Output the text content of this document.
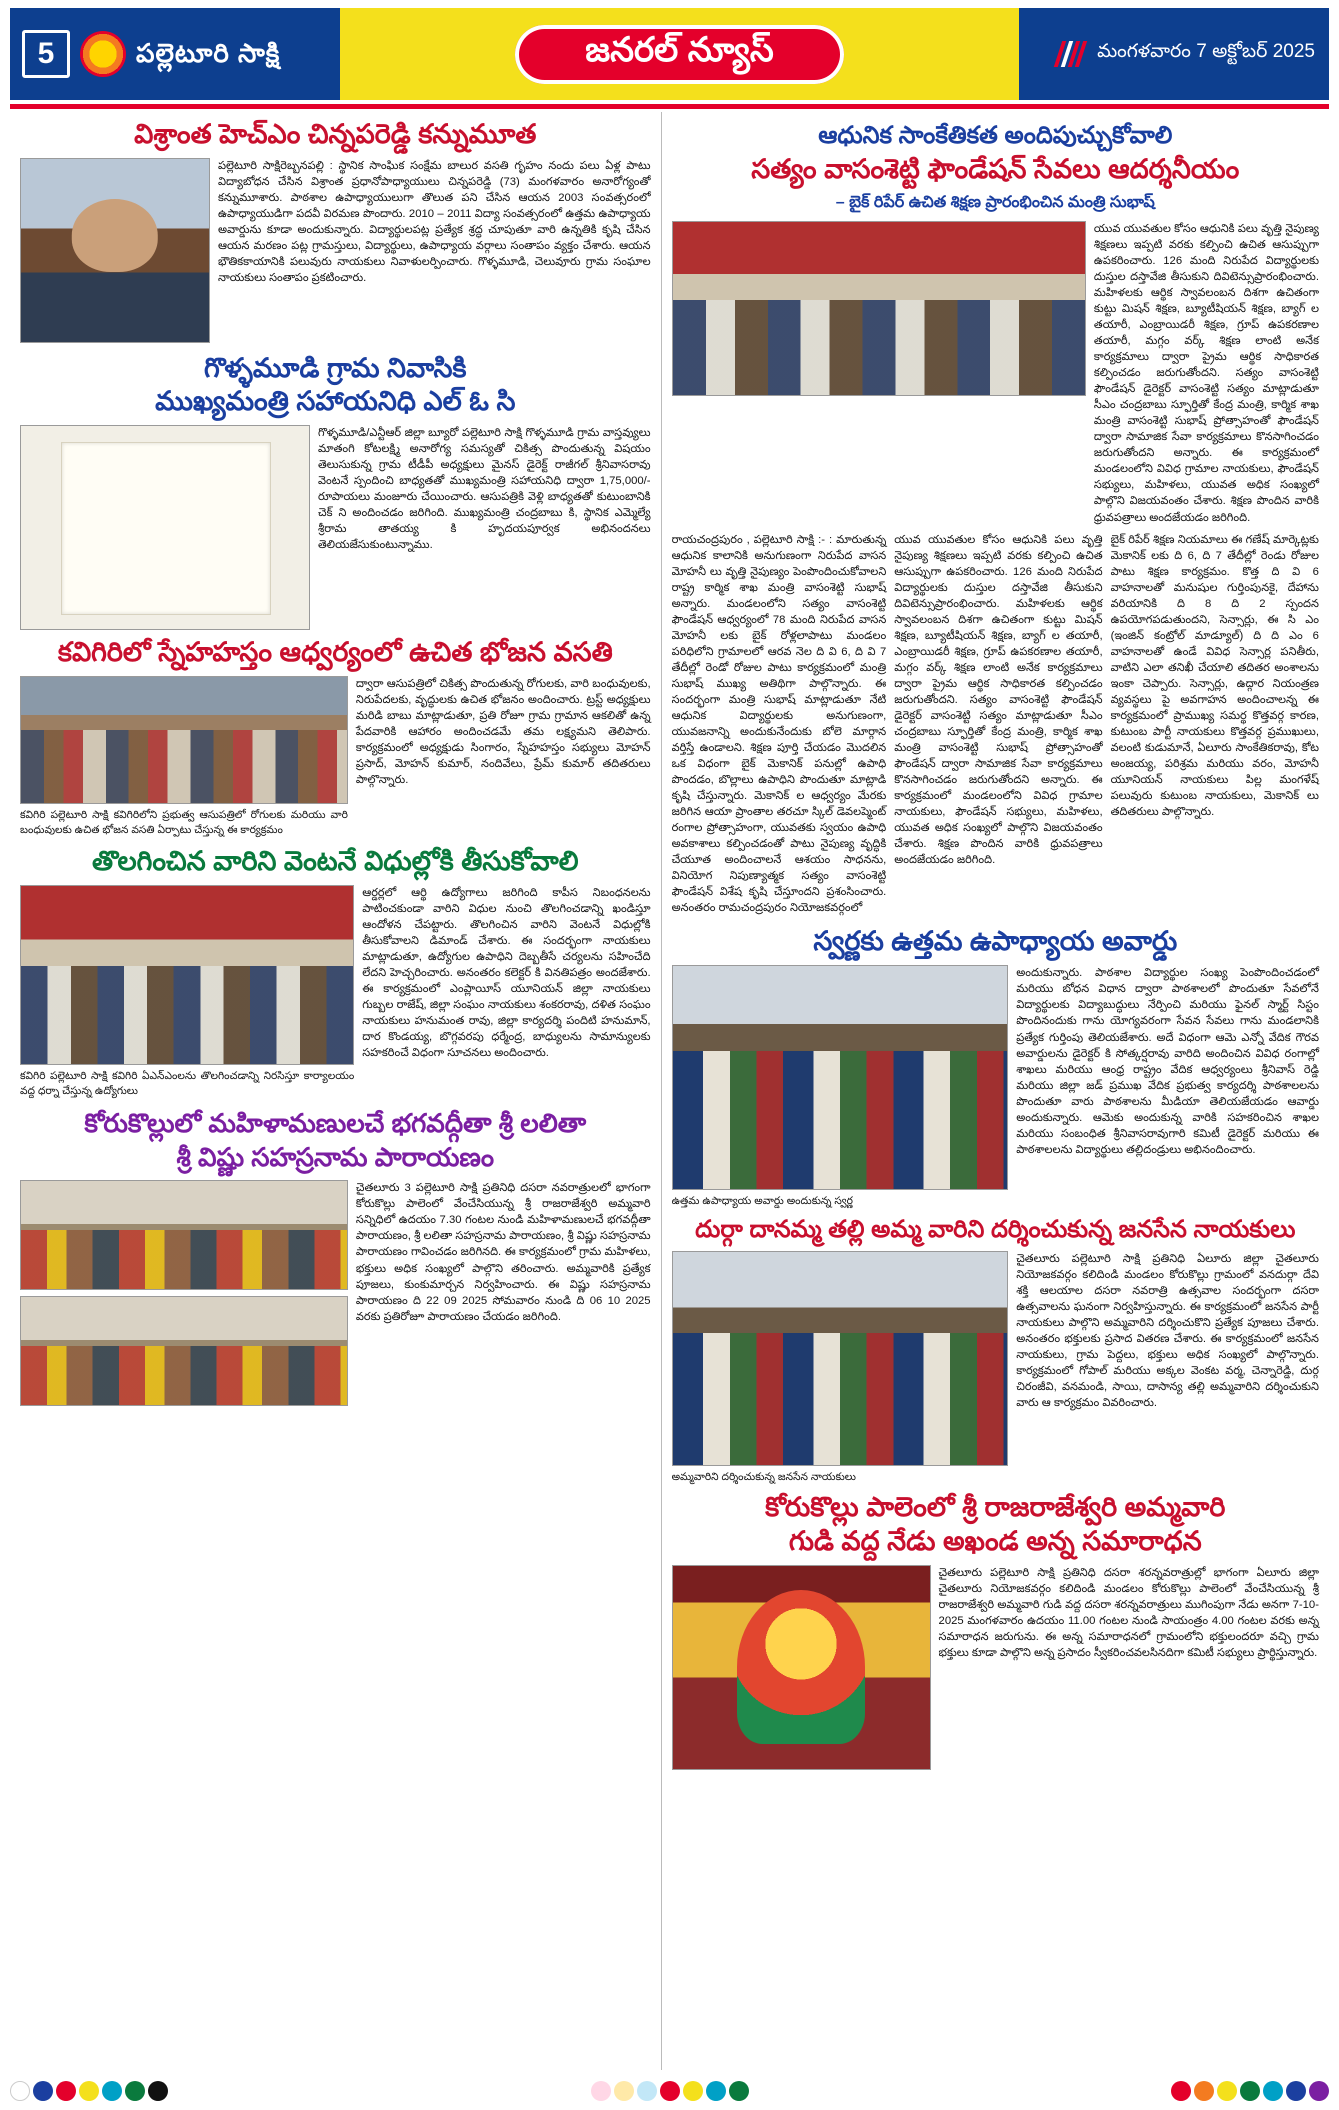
5	పల్లెటూరి సాక్షి	జనరల్ న్యూస్	మంగళవారం 7 అక్టోబర్ 2025
విశ్రాంత హెచ్ఎం చిన్నపరెడ్డి కన్నుమూత
పల్లెటూరి సాక్షిరెబ్బనపల్లి : స్థానిక సాంఘిక సంక్షేమ బాలుర వసతి గృహం నందు పలు ఏళ్ల పాటు విద్యాబోధన చేసిన విశ్రాంత ప్రధానోపాధ్యాయులు చిన్నపరెడ్డి (73) మంగళవారం అనారోగ్యంతో కన్నుమూశారు. పాఠశాల ఉపాధ్యాయులుగా తొలుత పని చేసిన ఆయన 2003 సంవత్సరంలో ఉపాధ్యాయుడిగా పదవీ విరమణ పొందారు. 2010 – 2011 విద్యా సంవత్సరంలో ఉత్తమ ఉపాధ్యాయ అవార్డును కూడా అందుకున్నారు. విద్యార్థులపట్ల ప్రత్యేక శ్రద్ధ చూపుతూ వారి ఉన్నతికి కృషి చేసిన ఆయన మరణం పట్ల గ్రామస్తులు, విద్యార్థులు, ఉపాధ్యాయ వర్గాలు సంతాపం వ్యక్తం చేశారు. ఆయన భౌతికకాయానికి పలువురు నాయకులు నివాళులర్పించారు. గొళ్ళమూడి, చెలువూరు గ్రామ సంఘాల నాయకులు సంతాపం ప్రకటించారు.
గొళ్ళమూడి గ్రామ నివాసికి
ముఖ్యమంత్రి సహాయనిధి ఎల్ ఓ సి
గొళ్ళమూడి/ఎన్టీఆర్ జిల్లా బ్యూరో పల్లెటూరి సాక్షి గొళ్ళమూడి గ్రామ వాస్తవ్యులు మాతంగి కోటలక్ష్మి అనారోగ్య సమస్యతో చికిత్స పొందుతున్న విషయం తెలుసుకున్న గ్రామ టీడీపీ అధ్యక్షులు మైనస్ డైరెక్ట్ రాజీగల్ శ్రీనివాసరావు వెంటనే స్పందించి బాధ్యతతో ముఖ్యమంత్రి సహాయనిధి ద్వారా 1,75,000/- రూపాయలు మంజూరు చేయించారు. ఆసుపత్రికి వెళ్లి బాధ్యతతో కుటుంబానికి చెక్ ని అందించడం జరిగింది. ముఖ్యమంత్రి చంద్రబాబు కి, స్థానిక ఎమ్మెల్యే శ్రీరామ తాతయ్య కి హృదయపూర్వక అభినందనలు తెలియజేసుకుంటున్నాము.
కవిగిరిలో స్నేహహస్తం ఆధ్వర్యంలో ఉచిత భోజన వసతి
కవిగిరి పల్లెటూరి సాక్షి కవిగిరిలోని ప్రభుత్వ ఆసుపత్రిలో రోగులకు మరియు వారి బంధువులకు ఉచిత భోజన వసతి ఏర్పాటు చేస్తున్న ఈ కార్యక్రమం
ద్వారా ఆసుపత్రిలో చికిత్స పొందుతున్న రోగులకు, వారి బంధువులకు, నిరుపేదలకు, వృద్ధులకు ఉచిత భోజనం అందించారు. ట్రస్ట్ అధ్యక్షులు మరిడి బాబు మాట్లాడుతూ, ప్రతి రోజూ గ్రామ గ్రామాన ఆకలితో ఉన్న పేదవారికి ఆహారం అందించడమే తమ లక్ష్యమని తెలిపారు. కార్యక్రమంలో అధ్యక్షుడు సింగారం, స్నేహహస్తం సభ్యులు మోహన్ ప్రసాద్, మోహన్ కుమార్, నందివేలు, ప్రేమ్ కుమార్ తదితరులు పాల్గొన్నారు.
తొలగించిన వారిని వెంటనే విధుల్లోకి తీసుకోవాలి
కవిగిరి పల్లెటూరి సాక్షి కవిగిరి ఏఎన్ఎంలను తొలగించడాన్ని నిరసిస్తూ కార్యాలయం వద్ద ధర్నా చేస్తున్న ఉద్యోగులు
ఆర్డర్లలో ఆర్థి ఉద్యోగాలు జరిగింది కాపీస నిబంధనలను పాటించకుండా వారిని విధుల నుంచి తొలగించడాన్ని ఖండిస్తూ ఆందోళన చేపట్టారు. తొలగించిన వారిని వెంటనే విధుల్లోకి తీసుకోవాలని డిమాండ్ చేశారు. ఈ సందర్భంగా నాయకులు మాట్లాడుతూ, ఉద్యోగుల ఉపాధిని దెబ్బతీసే చర్యలను సహించేది లేదని హెచ్చరించారు. అనంతరం కలెక్టర్ కి వినతిపత్రం అందజేశారు. ఈ కార్యక్రమంలో ఎంప్లాయీస్ యూనియన్ జిల్లా నాయకులు గుబ్బల రాజేష్, జిల్లా సంఘం నాయకులు శంకరరావు, దళిత సంఘం నాయకులు హనుమంత రావు, జిల్లా కార్యదర్శి పందిటి హనుమాన్, దార కొండయ్య, బొగ్గవరపు ధర్మేంద్ర, బాధ్యులను సామాన్యులకు సహకరించే విధంగా సూచనలు అందించారు.
కోరుకొల్లులో మహిళామణులచే భగవద్గీతా శ్రీ లలితా
శ్రీ విష్ణు సహస్రనామ పారాయణం
చైతలూరు 3 పల్లెటూరి సాక్షి ప్రతినిధి దసరా నవరాత్రులలో భాగంగా కోరుకొల్లు పాలెంలో వేంచేసియున్న శ్రీ రాజరాజేశ్వరి అమ్మవారి సన్నిధిలో ఉదయం 7.30 గంటల నుండి మహిళామణులచే భగవద్గీతా పారాయణం, శ్రీ లలితా సహస్రనామ పారాయణం, శ్రీ విష్ణు సహస్రనామ పారాయణం గావించడం జరిగినది. ఈ కార్యక్రమంలో గ్రామ మహిళలు, భక్తులు అధిక సంఖ్యలో పాల్గొని తరించారు. అమ్మవారికి ప్రత్యేక పూజలు, కుంకుమార్చన నిర్వహించారు. ఈ విష్ణు సహస్రనామ పారాయణం ది 22 09 2025 సోమవారం నుండి ది 06 10 2025 వరకు ప్రతిరోజూ పారాయణం చేయడం జరిగింది.
ఆధునిక సాంకేతికత అందిపుచ్చుకోవాలి
సత్యం వాసంశెట్టి ఫౌండేషన్ సేవలు ఆదర్శనీయం
– బైక్ రిపేర్ ఉచిత శిక్షణ ప్రారంభించిన మంత్రి సుభాష్
యువ యువతుల కోసం ఆధునికి పలు వృత్తి నైపుణ్య శిక్షణలు ఇప్పటి వరకు కల్పించి ఉచిత ఆసుప్పుగా ఉపకరించారు. 126 మంది నిరుపేద విద్యార్థులకు దుస్తుల దస్తావేజి తీసుకుని దివిటెన్సుప్రారంభించారు. మహిళలకు ఆర్థిక స్వావలంబన దిశగా ఉచితంగా కుట్టు మిషన్ శిక్షణ, బ్యూటీషియన్ శిక్షణ, బ్యాగ్ ల తయారీ, ఎంబ్రాయిడరీ శిక్షణ, గ్రూప్ ఉపకరణాల తయారీ, మగ్గం వర్క్ శిక్షణ లాంటి అనేక కార్యక్రమాలు ద్వారా ప్రైమ ఆర్థిక సాధికారత కల్పించడం జరుగుతోందని. సత్యం వాసంశెట్టి ఫౌండేషన్ డైరెక్టర్ వాసంశెట్టి సత్యం మాట్లాడుతూ సీఎం చంద్రబాబు స్ఫూర్తితో కేంద్ర మంత్రి, కార్మిక శాఖ మంత్రి వాసంశెట్టి సుభాష్ ప్రోత్సాహంతో ఫౌండేషన్ ద్వారా సామాజిక సేవా కార్యక్రమాలు కొనసాగించడం జరుగుతోందని అన్నారు. ఈ కార్యక్రమంలో మండలంలోని వివిధ గ్రామాల నాయకులు, ఫౌండేషన్ సభ్యులు, మహిళలు, యువత అధిక సంఖ్యలో పాల్గొని విజయవంతం చేశారు. శిక్షణ పొందిన వారికి ధ్రువపత్రాలు అందజేయడం జరిగింది.
రాయచంద్రపురం , పల్లెటూరి సాక్షి :- : మారుతున్న ఆధునిక కాలానికి అనుగుణంగా నిరుపేద వాసన మోహనీ లు వృత్తి నైపుణ్యం పెంపొందించుకోవాలని రాష్ట్ర కార్మిక శాఖ మంత్రి వాసంశెట్టి సుభాష్ అన్నారు. మండలంలోని సత్యం వాసంశెట్టి ఫౌండేషన్ ఆధ్వర్యంలో 78 మంది నిరుపేద వాసన మోహనీ లకు బైక్ రోళ్లలాపాటు మండలం పరిధిలోని గ్రామాలలో ఆరవ నెల ది వి 6, ది వి 7 తేదీల్లో రెండో రోజుల పాటు కార్యక్రమంలో మంత్రి సుభాష్ ముఖ్య అతిథిగా పాల్గొన్నారు. ఈ సందర్భంగా మంత్రి సుభాష్ మాట్లాడుతూ నేటి ఆధునిక విద్యార్థులకు అనుగుణంగా, యువజనాన్ని అందుకునేందుకు బోలె మార్గాన వర్తిస్తే ఉండాలని. శిక్షణ పూర్తి చేయడం మొదలిన ఒక విధంగా బైక్ మెకానిక్ పనుల్లో ఉపాధి పొందడం, బొల్లాలు ఉపాధిని పొందుతూ మాట్లాడి కృషి చేస్తున్నారు. మెకానిక్ ల ఆధ్వర్యం మేరకు జరిగిన ఆయా ప్రాంతాల తరచూ స్కిల్ డెవలప్మెంట్ రంగాల ప్రోత్సాహంగా, యువతకు స్వయం ఉపాధి అవకాశాలు కల్పించడంతో పాటు నైపుణ్య వృద్ధికి చేయూత అందించాలనే ఆశయం సాధనను, వినియోగ నిపుణ్యాత్మక సత్యం వాసంశెట్టి ఫౌండేషన్ విశేష కృషి చేస్తూందని ప్రశంసించారు. అనంతరం రామచంద్రపురం నియోజకవర్గంలో
యువ యువతుల కోసం ఆధునికి పలు వృత్తి నైపుణ్య శిక్షణలు ఇప్పటి వరకు కల్పించి ఉచిత ఆసుప్పుగా ఉపకరించారు. 126 మంది నిరుపేద విద్యార్థులకు దుస్తుల దస్తావేజి తీసుకుని దివిటెన్సుప్రారంభించారు. మహిళలకు ఆర్థిక స్వావలంబన దిశగా ఉచితంగా కుట్టు మిషన్ శిక్షణ, బ్యూటీషియన్ శిక్షణ, బ్యాగ్ ల తయారీ, ఎంబ్రాయిడరీ శిక్షణ, గ్రూప్ ఉపకరణాల తయారీ, మగ్గం వర్క్ శిక్షణ లాంటి అనేక కార్యక్రమాలు ద్వారా ప్రైమ ఆర్థిక సాధికారత కల్పించడం జరుగుతోందని. సత్యం వాసంశెట్టి ఫౌండేషన్ డైరెక్టర్ వాసంశెట్టి సత్యం మాట్లాడుతూ సీఎం చంద్రబాబు స్ఫూర్తితో కేంద్ర మంత్రి, కార్మిక శాఖ మంత్రి వాసంశెట్టి సుభాష్ ప్రోత్సాహంతో ఫౌండేషన్ ద్వారా సామాజిక సేవా కార్యక్రమాలు కొనసాగించడం జరుగుతోందని అన్నారు. ఈ కార్యక్రమంలో మండలంలోని వివిధ గ్రామాల నాయకులు, ఫౌండేషన్ సభ్యులు, మహిళలు, యువత అధిక సంఖ్యలో పాల్గొని విజయవంతం చేశారు. శిక్షణ పొందిన వారికి ధ్రువపత్రాలు అందజేయడం జరిగింది.
బైక్ రిపేర్ శిక్షణ నియమాలు ఈ గణేష్ మార్కెట్లకు మెకానిక్ లకు ది 6, ది 7 తేదీల్లో రెండు రోజుల పాటు శిక్షణ కార్యక్రమం. కొత్త ది వి 6 వాహనాలతో మనుషుల గుర్తింపునకై, దేహాను వరియానికి ది 8 ది 2 స్పందన ఉపయోగపడుతుందని, సెన్సార్లు, ఈ సి ఎం (ఇంజిన్ కంట్రోల్ మాడ్యూల్) ది ది ఎం 6 వాహనాలతో ఉండే వివిధ సెన్సార్ల పనితీరు, వాటిని ఎలా తనిఖీ చేయాలి తదితర అంశాలను ఇంకా చెప్పారు. సెన్సార్లు, ఉద్గార నియంత్రణ వ్యవస్థలు పై అవగాహన అందించాలన్న ఈ కార్యక్రమంలో ప్రాముఖ్య సమర్థ కొత్తవర్గ కారణ, కుటుంబ పార్టీ నాయకులు కొత్తవర్గ ప్రముఖులు, వలంటి కుడుమానే, ఏలూరు సాంకేతికరావు, కోట అంజయ్య, పరిశ్రమ మరియు వరం, మోహనీ యూనియన్ నాయకులు పిల్ల మంగళేష్ పలువురు కుటుంబ నాయకులు, మెకానిక్ లు తదితరులు పాల్గొన్నారు.
స్వర్ణకు ఉత్తమ ఉపాధ్యాయ అవార్డు
ఉత్తమ ఉపాధ్యాయ అవార్డు అందుకున్న స్వర్ణ
అందుకున్నారు. పాఠశాల విద్యార్థుల సంఖ్య పెంపొందించడంలో మరియు బోధన విధాన ద్వారా పాఠశాలలో పొందుతూ సేవలోనే విద్యార్థులకు విద్యాబుద్ధులు నేర్పించి మరియు ఫైనల్ స్మార్ట్ సిస్టం పొందినందుకు గాను యోగ్యవరంగా సేవన సేవలు గాను మండలానికి ప్రత్యేక గుర్తింపు తెలియజేశారు. అదే విధంగా ఆమె ఎన్నో వేదిక గౌరవ అవార్డులను డైరెక్టర్ కి సోత్కర్షరావు వారిది అందించిన వివిధ రంగాల్లో శాఖలు మరియు ఆంధ్ర రాష్ట్రం వేదిక ఆధ్వర్యంలు శ్రీనివాస్ రెడ్డి మరియు జిల్లా జడ్ ప్రముఖ వేదిక ప్రభుత్వ కార్యదర్శి పాఠశాలలను పొందుతూ వారు పాఠశాలను మీడియా తెలియజేయడం ఆవార్డు అందుకున్నారు. ఆమెకు అందుకున్న వారికి సహకరించిన శాఖల మరియు సంబంధిత శ్రీనివాసరావుగారి కమిటీ డైరెక్టర్ మరియు ఈ పాఠశాలలను విద్యార్థులు తల్లిదండ్రులు అభినందించారు.
దుర్గా దానమ్మ తల్లి అమ్మ వారిని దర్శించుకున్న జనసేన నాయకులు
అమ్మవారిని దర్శించుకున్న జనసేన నాయకులు
చైతలూరు పల్లెటూరి సాక్షి ప్రతినిధి ఏలూరు జిల్లా చైతలూరు నియోజకవర్గం కలిదిండి మండలం కోరుకొల్లు గ్రామంలో వనదుర్గా దేవి శక్తి ఆలయాల దసరా నవరాత్రి ఉత్సవాల సందర్భంగా దసరా ఉత్సవాలను ఘనంగా నిర్వహిస్తున్నారు. ఈ కార్యక్రమంలో జనసేన పార్టీ నాయకులు పాల్గొని అమ్మవారిని దర్శించుకొని ప్రత్యేక పూజలు చేశారు. అనంతరం భక్తులకు ప్రసాద వితరణ చేశారు. ఈ కార్యక్రమంలో జనసేన నాయకులు, గ్రామ పెద్దలు, భక్తులు అధిక సంఖ్యలో పాల్గొన్నారు. కార్యక్రమంలో గోపాల్ మరియు అక్కల వెంకట వర్మ, చెన్నారెడ్డి, దుర్గ చిరంజీవి, వనమండి, సాయి, దాసాన్య తల్లి అమ్మవారిని దర్శించుకుని వారు ఆ కార్యక్రమం వివరించారు.
కోరుకొల్లు పాలెంలో శ్రీ రాజరాజేశ్వరి అమ్మవారి
గుడి వద్ద నేడు అఖండ అన్న సమారాధన
చైతలూరు పల్లెటూరి సాక్షి ప్రతినిధి దసరా శరన్నవరాత్రుల్లో భాగంగా ఏలూరు జిల్లా చైతలూరు నియోజకవర్గం కలిదిండి మండలం కోరుకొల్లు పాలెంలో వేంచేసియున్న శ్రీ రాజరాజేశ్వరి అమ్మవారి గుడి వద్ద దసరా శరన్నవరాత్రులు ముగింపుగా నేడు అనగా 7-10-2025 మంగళవారం ఉదయం 11.00 గంటల నుండి సాయంత్రం 4.00 గంటల వరకు అన్న సమారాధన జరుగును. ఈ అన్న సమారాధనలో గ్రామంలోని భక్తులందరూ వచ్చి గ్రామ భక్తులు కూడా పాల్గొని అన్న ప్రసాదం స్వీకరించవలసినదిగా కమిటీ సభ్యులు ప్రార్థిస్తున్నారు.
